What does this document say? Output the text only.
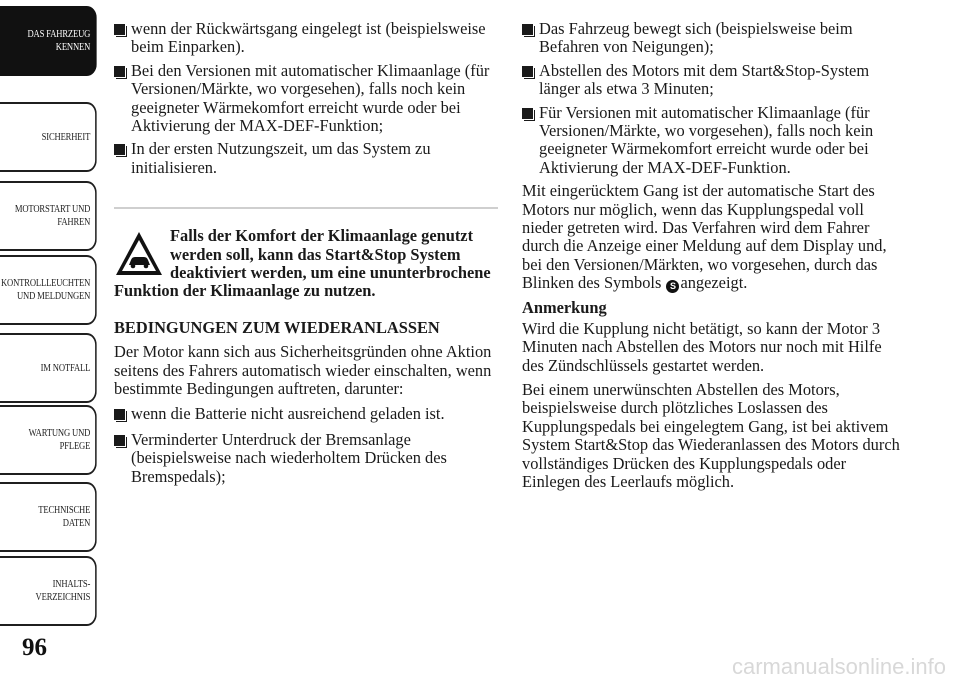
DAS FAHRZEUG
KENNEN
SICHERHEIT
MOTORSTART UND
FAHREN
KONTROLLLEUCHTEN
UND MELDUNGEN
IM NOTFALL
WARTUNG UND
PFLEGE
TECHNISCHE
DATEN
INHALTS-
VERZEICHNIS
96
wenn der Rückwärtsgang eingelegt ist (beispielsweise beim Einparken).
Bei den Versionen mit automatischer Klimaanlage (für Versionen/Märkte, wo vorgesehen), falls noch kein geeigneter Wärmekomfort erreicht wurde oder bei Aktivierung der MAX-DEF-Funktion;
In der ersten Nutzungszeit, um das System zu initialisieren.
Falls der Komfort der Klimaanlage genutzt werden soll, kann das Start&Stop System deaktiviert werden, um eine ununterbrochene Funktion der Klimaanlage zu nutzen.
BEDINGUNGEN ZUM WIEDERANLASSEN
Der Motor kann sich aus Sicherheitsgründen ohne Aktion seitens des Fahrers automatisch wieder einschalten, wenn bestimmte Bedingungen auftreten, darunter:
wenn die Batterie nicht ausreichend geladen ist.
Verminderter Unterdruck der Bremsanlage (beispielsweise nach wiederholtem Drücken des Bremspedals);
Das Fahrzeug bewegt sich (beispielsweise beim Befahren von Neigungen);
Abstellen des Motors mit dem Start&Stop-System länger als etwa 3 Minuten;
Für Versionen mit automatischer Klimaanlage (für Versionen/Märkte, wo vorgesehen), falls noch kein geeigneter Wärmekomfort erreicht wurde oder bei Aktivierung der MAX-DEF-Funktion.
Mit eingerücktem Gang ist der automatische Start des Motors nur möglich, wenn das Kupplungspedal voll nieder getreten wird. Das Verfahren wird dem Fahrer durch die Anzeige einer Meldung auf dem Display und, bei den Versionen/Märkten, wo vorgesehen, durch das Blinken des Symbols S angezeigt.
Anmerkung
Wird die Kupplung nicht betätigt, so kann der Motor 3 Minuten nach Abstellen des Motors nur noch mit Hilfe des Zündschlüssels gestartet werden.
Bei einem unerwünschten Abstellen des Motors, beispielsweise durch plötzliches Loslassen des Kupplungspedals bei eingelegtem Gang, ist bei aktivem System Start&Stop das Wiederanlassen des Motors durch vollständiges Drücken des Kupplungspedals oder Einlegen des Leerlaufs möglich.
carmanualsonline.info
